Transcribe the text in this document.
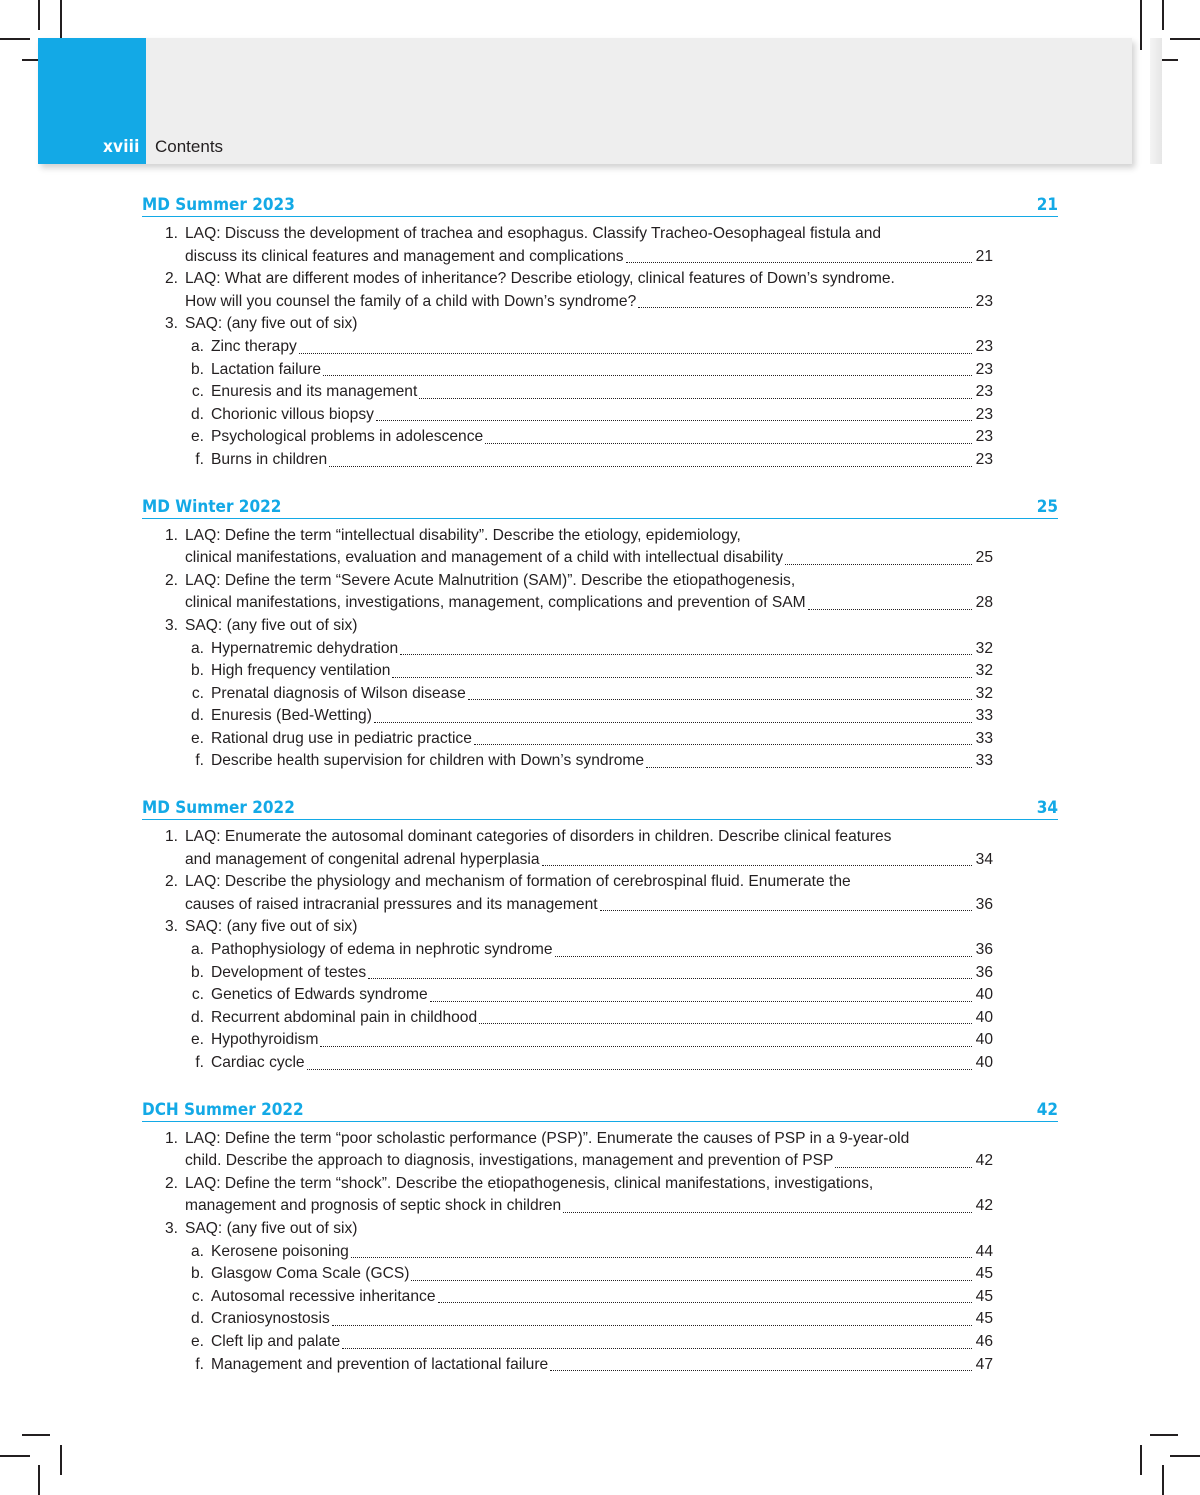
xviii Contents
MD Summer 2023	21
1. LAQ: Discuss the development of trachea and esophagus. Classify Tracheo-Oesophageal fistula and
discuss its clinical features and management and complications	21
2. LAQ: What are different modes of inheritance? Describe etiology, clinical features of Down’s syndrome.
How will you counsel the family of a child with Down’s syndrome?	23
3. SAQ: (any five out of six)
a. Zinc therapy	23
b. Lactation failure	23
c. Enuresis and its management	23
d. Chorionic villous biopsy	23
e. Psychological problems in adolescence	23
f. Burns in children	23
MD Winter 2022	25
1. LAQ: Define the term “intellectual disability”. Describe the etiology, epidemiology,
clinical manifestations, evaluation and management of a child with intellectual disability	25
2. LAQ: Define the term “Severe Acute Malnutrition (SAM)”. Describe the etiopathogenesis,
clinical manifestations, investigations, management, complications and prevention of SAM	28
3. SAQ: (any five out of six)
a. Hypernatremic dehydration	32
b. High frequency ventilation	32
c. Prenatal diagnosis of Wilson disease	32
d. Enuresis (Bed-Wetting)	33
e. Rational drug use in pediatric practice	33
f. Describe health supervision for children with Down’s syndrome	33
MD Summer 2022	34
1. LAQ: Enumerate the autosomal dominant categories of disorders in children. Describe clinical features
and management of congenital adrenal hyperplasia	34
2. LAQ: Describe the physiology and mechanism of formation of cerebrospinal fluid. Enumerate the
causes of raised intracranial pressures and its management	36
3. SAQ: (any five out of six)
a. Pathophysiology of edema in nephrotic syndrome	36
b. Development of testes	36
c. Genetics of Edwards syndrome	40
d. Recurrent abdominal pain in childhood	40
e. Hypothyroidism	40
f. Cardiac cycle	40
DCH Summer 2022	42
1. LAQ: Define the term “poor scholastic performance (PSP)”. Enumerate the causes of PSP in a 9-year-old
child. Describe the approach to diagnosis, investigations, management and prevention of PSP	42
2. LAQ: Define the term “shock”. Describe the etiopathogenesis, clinical manifestations, investigations,
management and prognosis of septic shock in children	42
3. SAQ: (any five out of six)
a. Kerosene poisoning	44
b. Glasgow Coma Scale (GCS)	45
c. Autosomal recessive inheritance	45
d. Craniosynostosis	45
e. Cleft lip and palate	46
f. Management and prevention of lactational failure	47
